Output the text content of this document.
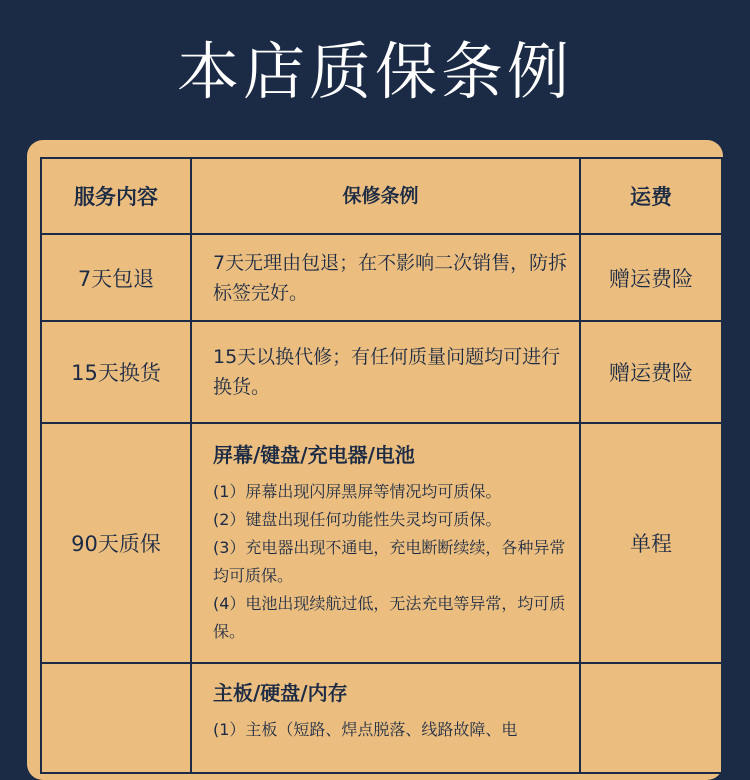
本店质保条例
服务内容	保修条例	运费
7天包退	7天无理由包退；在不影响二次销售，防拆标签完好。	赠运费险
15天换货	15天以换代修；有任何质量问题均可进行换货。	赠运费险
90天质保	屏幕/键盘/充电器/电池
(1）屏幕出现闪屏黑屏等情况均可质保。
(2）键盘出现任何功能性失灵均可质保。
(3）充电器出现不通电，充电断断续续，各种异常均可质保。
(4）电池出现续航过低，无法充电等异常，均可质保。	单程

	主板/硬盘/内存
(1）主板（短路、焊点脱落、线路故障、电	
